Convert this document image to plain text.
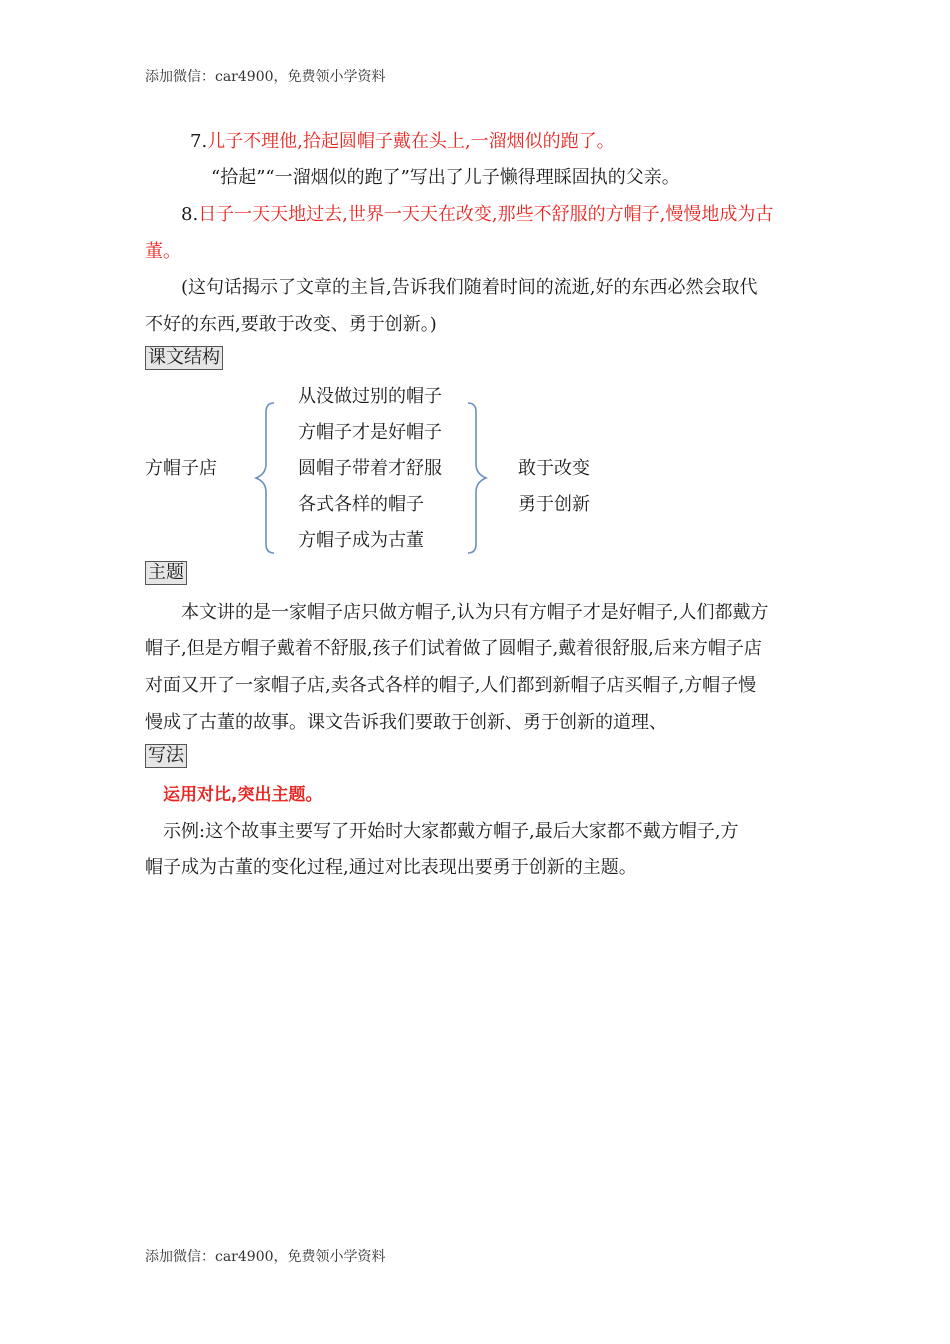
添加微信：car4900，免费领小学资料
7.儿子不理他,拾起圆帽子戴在头上,一溜烟似的跑了。
“拾起”“一溜烟似的跑了”写出了儿子懒得理睬固执的父亲。
8.日子一天天地过去,世界一天天在改变,那些不舒服的方帽子,慢慢地成为古
董。
(这句话揭示了文章的主旨,告诉我们随着时间的流逝,好的东西必然会取代
不好的东西,要敢于改变、勇于创新。)
课文结构
方帽子店
从没做过别的帽子
方帽子才是好帽子
圆帽子带着才舒服
各式各样的帽子
方帽子成为古董
敢于改变
勇于创新
主题
本文讲的是一家帽子店只做方帽子,认为只有方帽子才是好帽子,人们都戴方
帽子,但是方帽子戴着不舒服,孩子们试着做了圆帽子,戴着很舒服,后来方帽子店
对面又开了一家帽子店,卖各式各样的帽子,人们都到新帽子店买帽子,方帽子慢
慢成了古董的故事。课文告诉我们要敢于创新、勇于创新的道理、
写法
运用对比,突出主题。
示例:这个故事主要写了开始时大家都戴方帽子,最后大家都不戴方帽子,方
帽子成为古董的变化过程,通过对比表现出要勇于创新的主题。
添加微信：car4900，免费领小学资料
